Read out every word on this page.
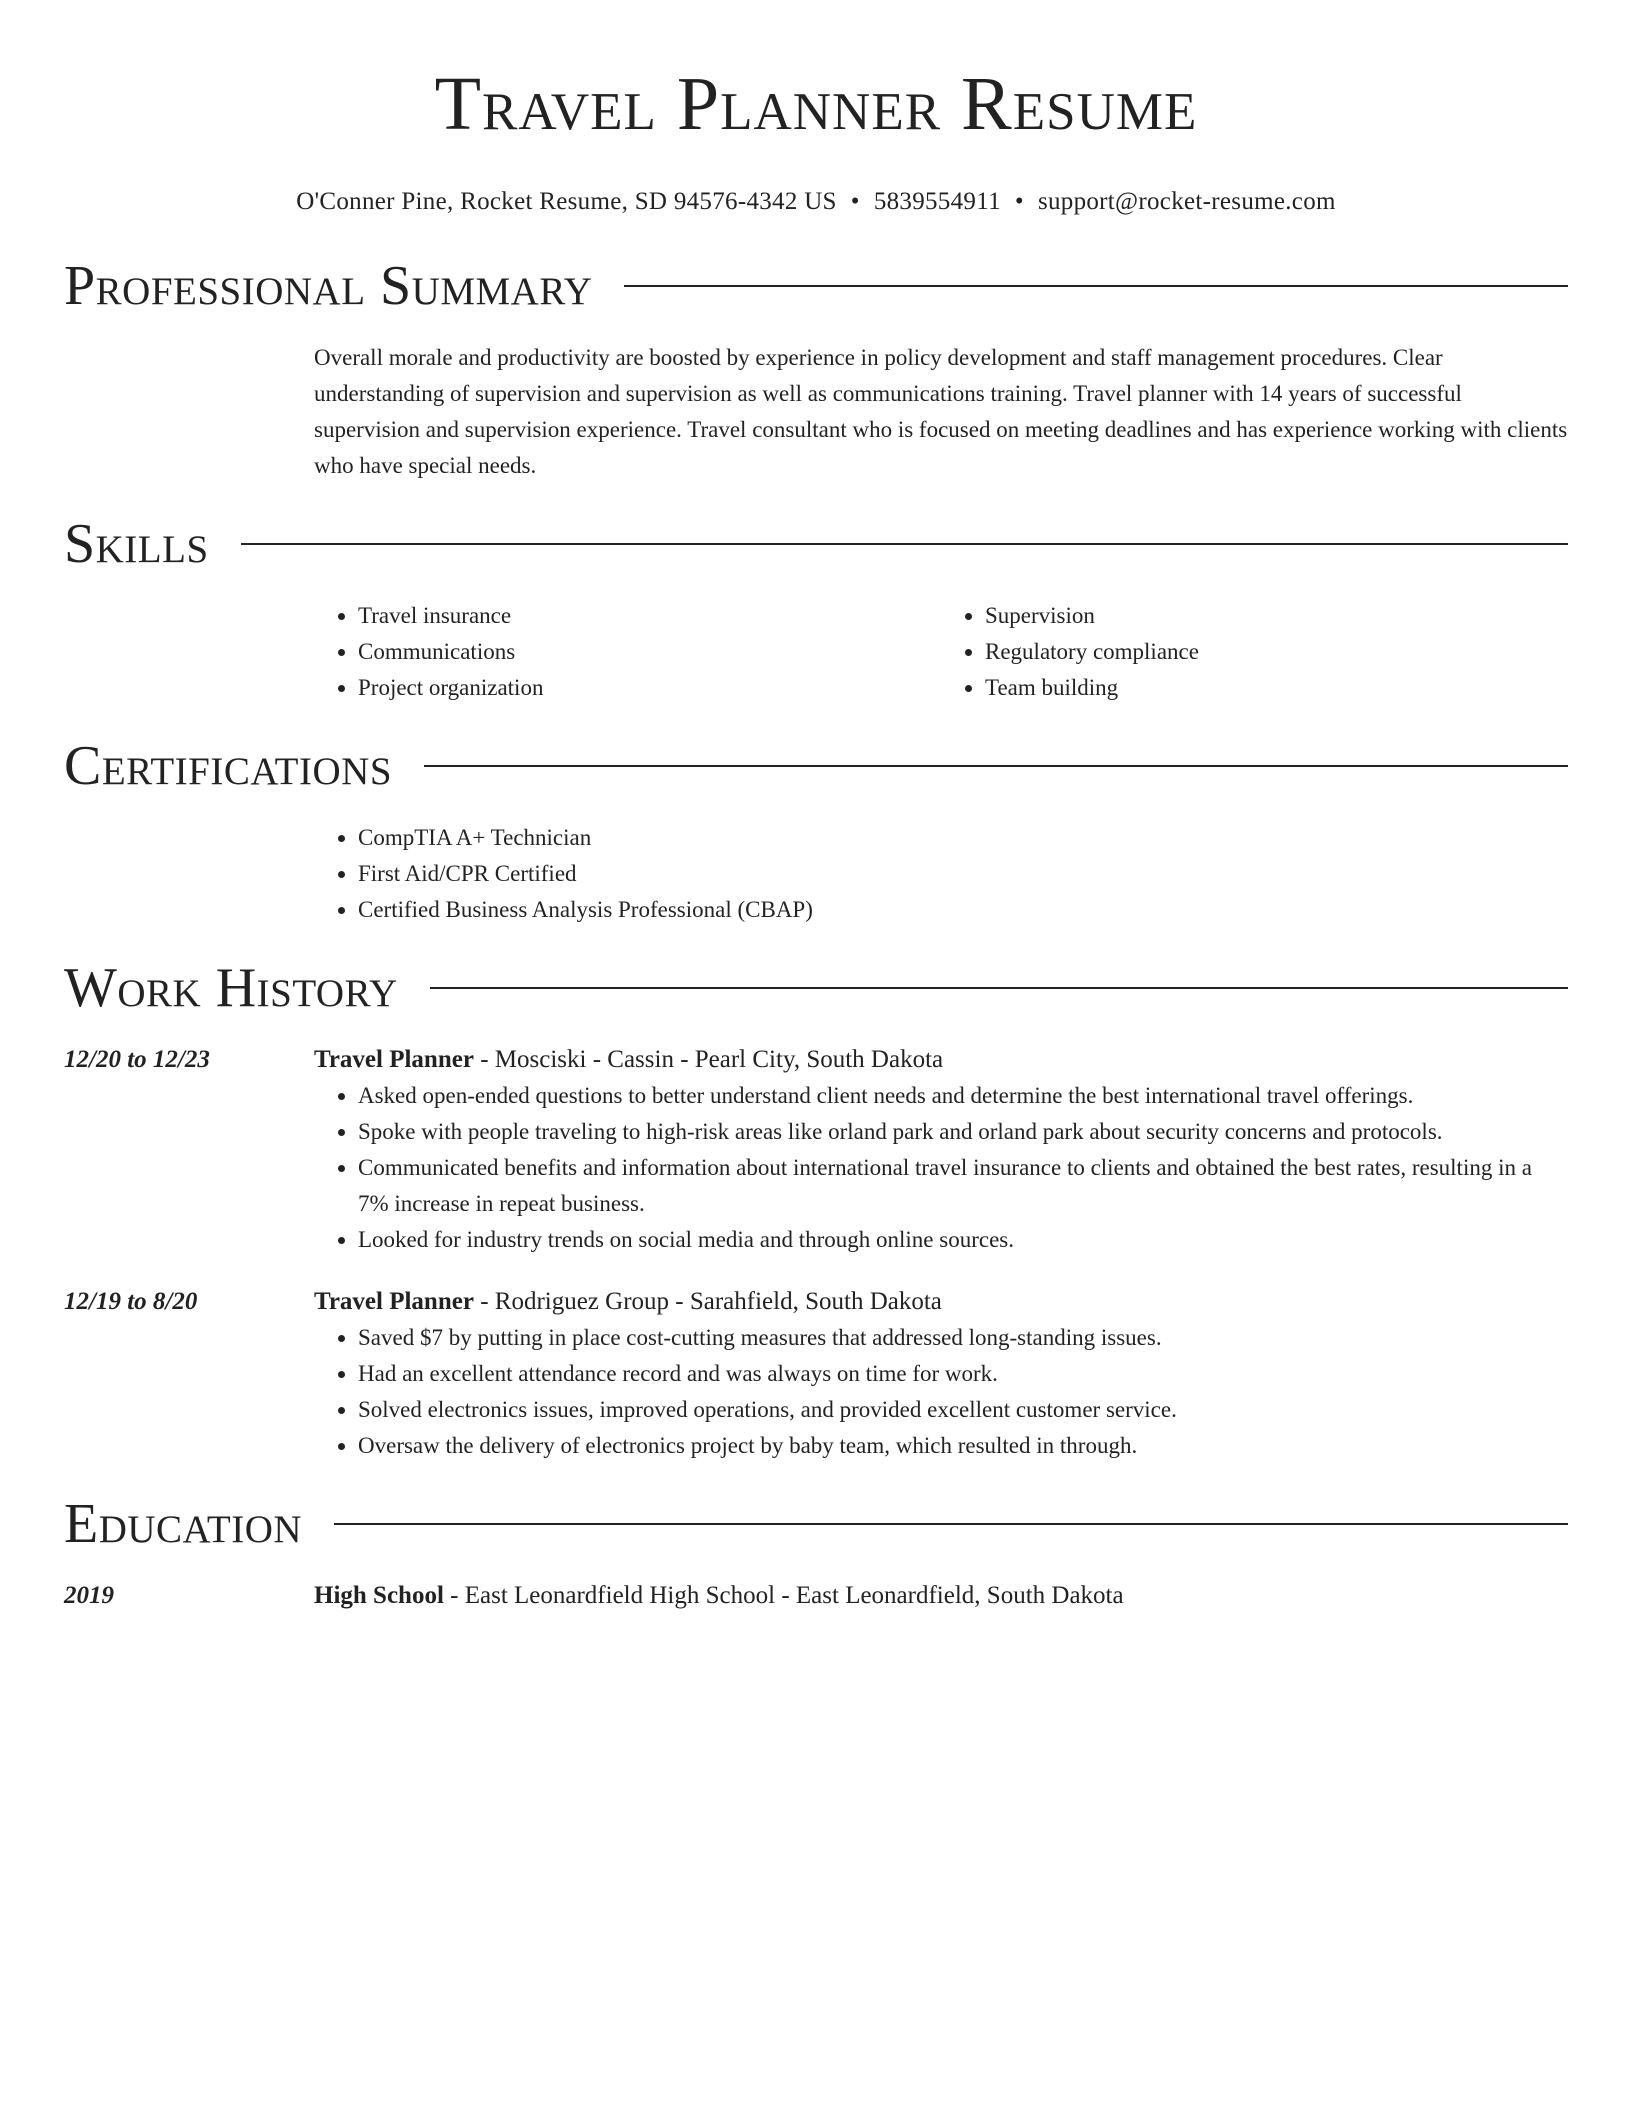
Travel Planner Resume
O'Conner Pine, Rocket Resume, SD 94576-4342 US • 5839554911 • support@rocket-resume.com
Professional Summary

Overall morale and productivity are boosted by experience in policy development and staff management procedures. Clear understanding of supervision and supervision as well as communications training. Travel planner with 14 years of successful supervision and supervision experience. Travel consultant who is focused on meeting deadlines and has experience working with clients who have special needs.

Skills
• Travel insurance
• Communications
• Project organization
• Supervision
• Regulatory compliance
• Team building
Certifications
• CompTIA A+ Technician
• First Aid/CPR Certified
• Certified Business Analysis Professional (CBAP)
Work History
12/20 to 12/23	Travel Planner - Mosciski - Cassin - Pearl City, South Dakota
• Asked open-ended questions to better understand client needs and determine the best international travel offerings.
• Spoke with people traveling to high-risk areas like orland park and orland park about security concerns and protocols.
• Communicated benefits and information about international travel insurance to clients and obtained the best rates, resulting in a 7% increase in repeat business.
• Looked for industry trends on social media and through online sources.
12/19 to 8/20	Travel Planner - Rodriguez Group - Sarahfield, South Dakota
• Saved $7 by putting in place cost-cutting measures that addressed long-standing issues.
• Had an excellent attendance record and was always on time for work.
• Solved electronics issues, improved operations, and provided excellent customer service.
• Oversaw the delivery of electronics project by baby team, which resulted in through.
Education
2019	High School - East Leonardfield High School - East Leonardfield, South Dakota
